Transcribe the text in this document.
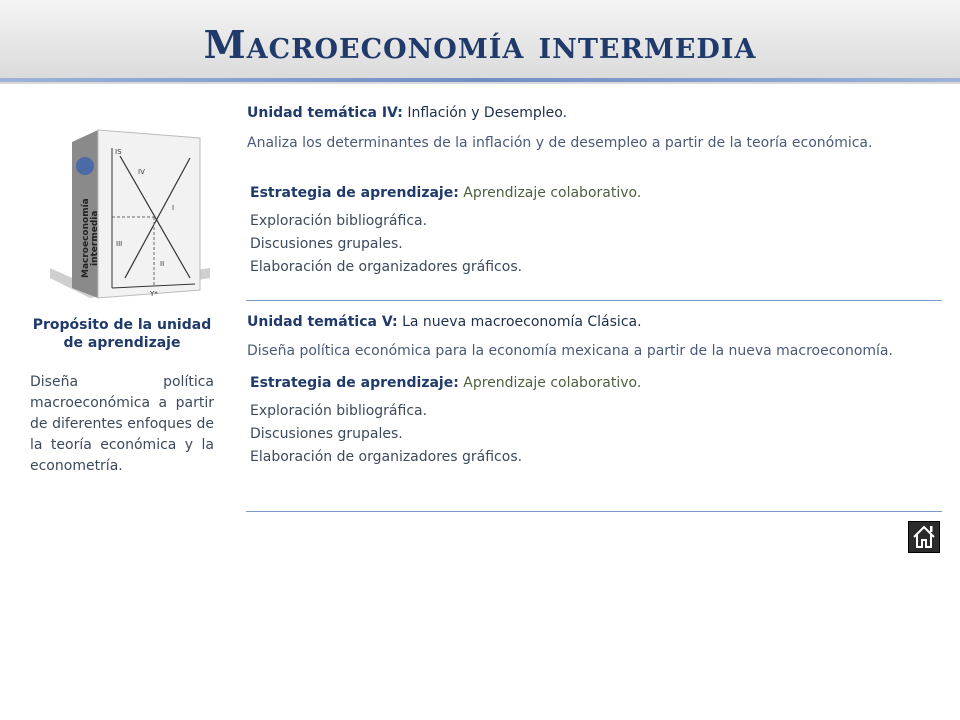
Macroeconomía intermedia
Macroeconomía intermedia
IS
IV
I
III
II
Y*
Propósito de la unidad de aprendizaje
Diseña política macroeconómica a partir de diferentes enfoques de la teoría económica y la econometría.
Unidad temática IV: Inflación y Desempleo.
Analiza los determinantes de la inflación y de desempleo a partir de la teoría económica.
Estrategia de aprendizaje: Aprendizaje colaborativo.
Exploración bibliográfica.
Discusiones grupales.
Elaboración de organizadores gráficos.
Unidad temática V: La nueva macroeconomía Clásica.
Diseña política económica para la economía mexicana a partir de la nueva macroeconomía.
Estrategia de aprendizaje: Aprendizaje colaborativo.
Exploración bibliográfica.
Discusiones grupales.
Elaboración de organizadores gráficos.
